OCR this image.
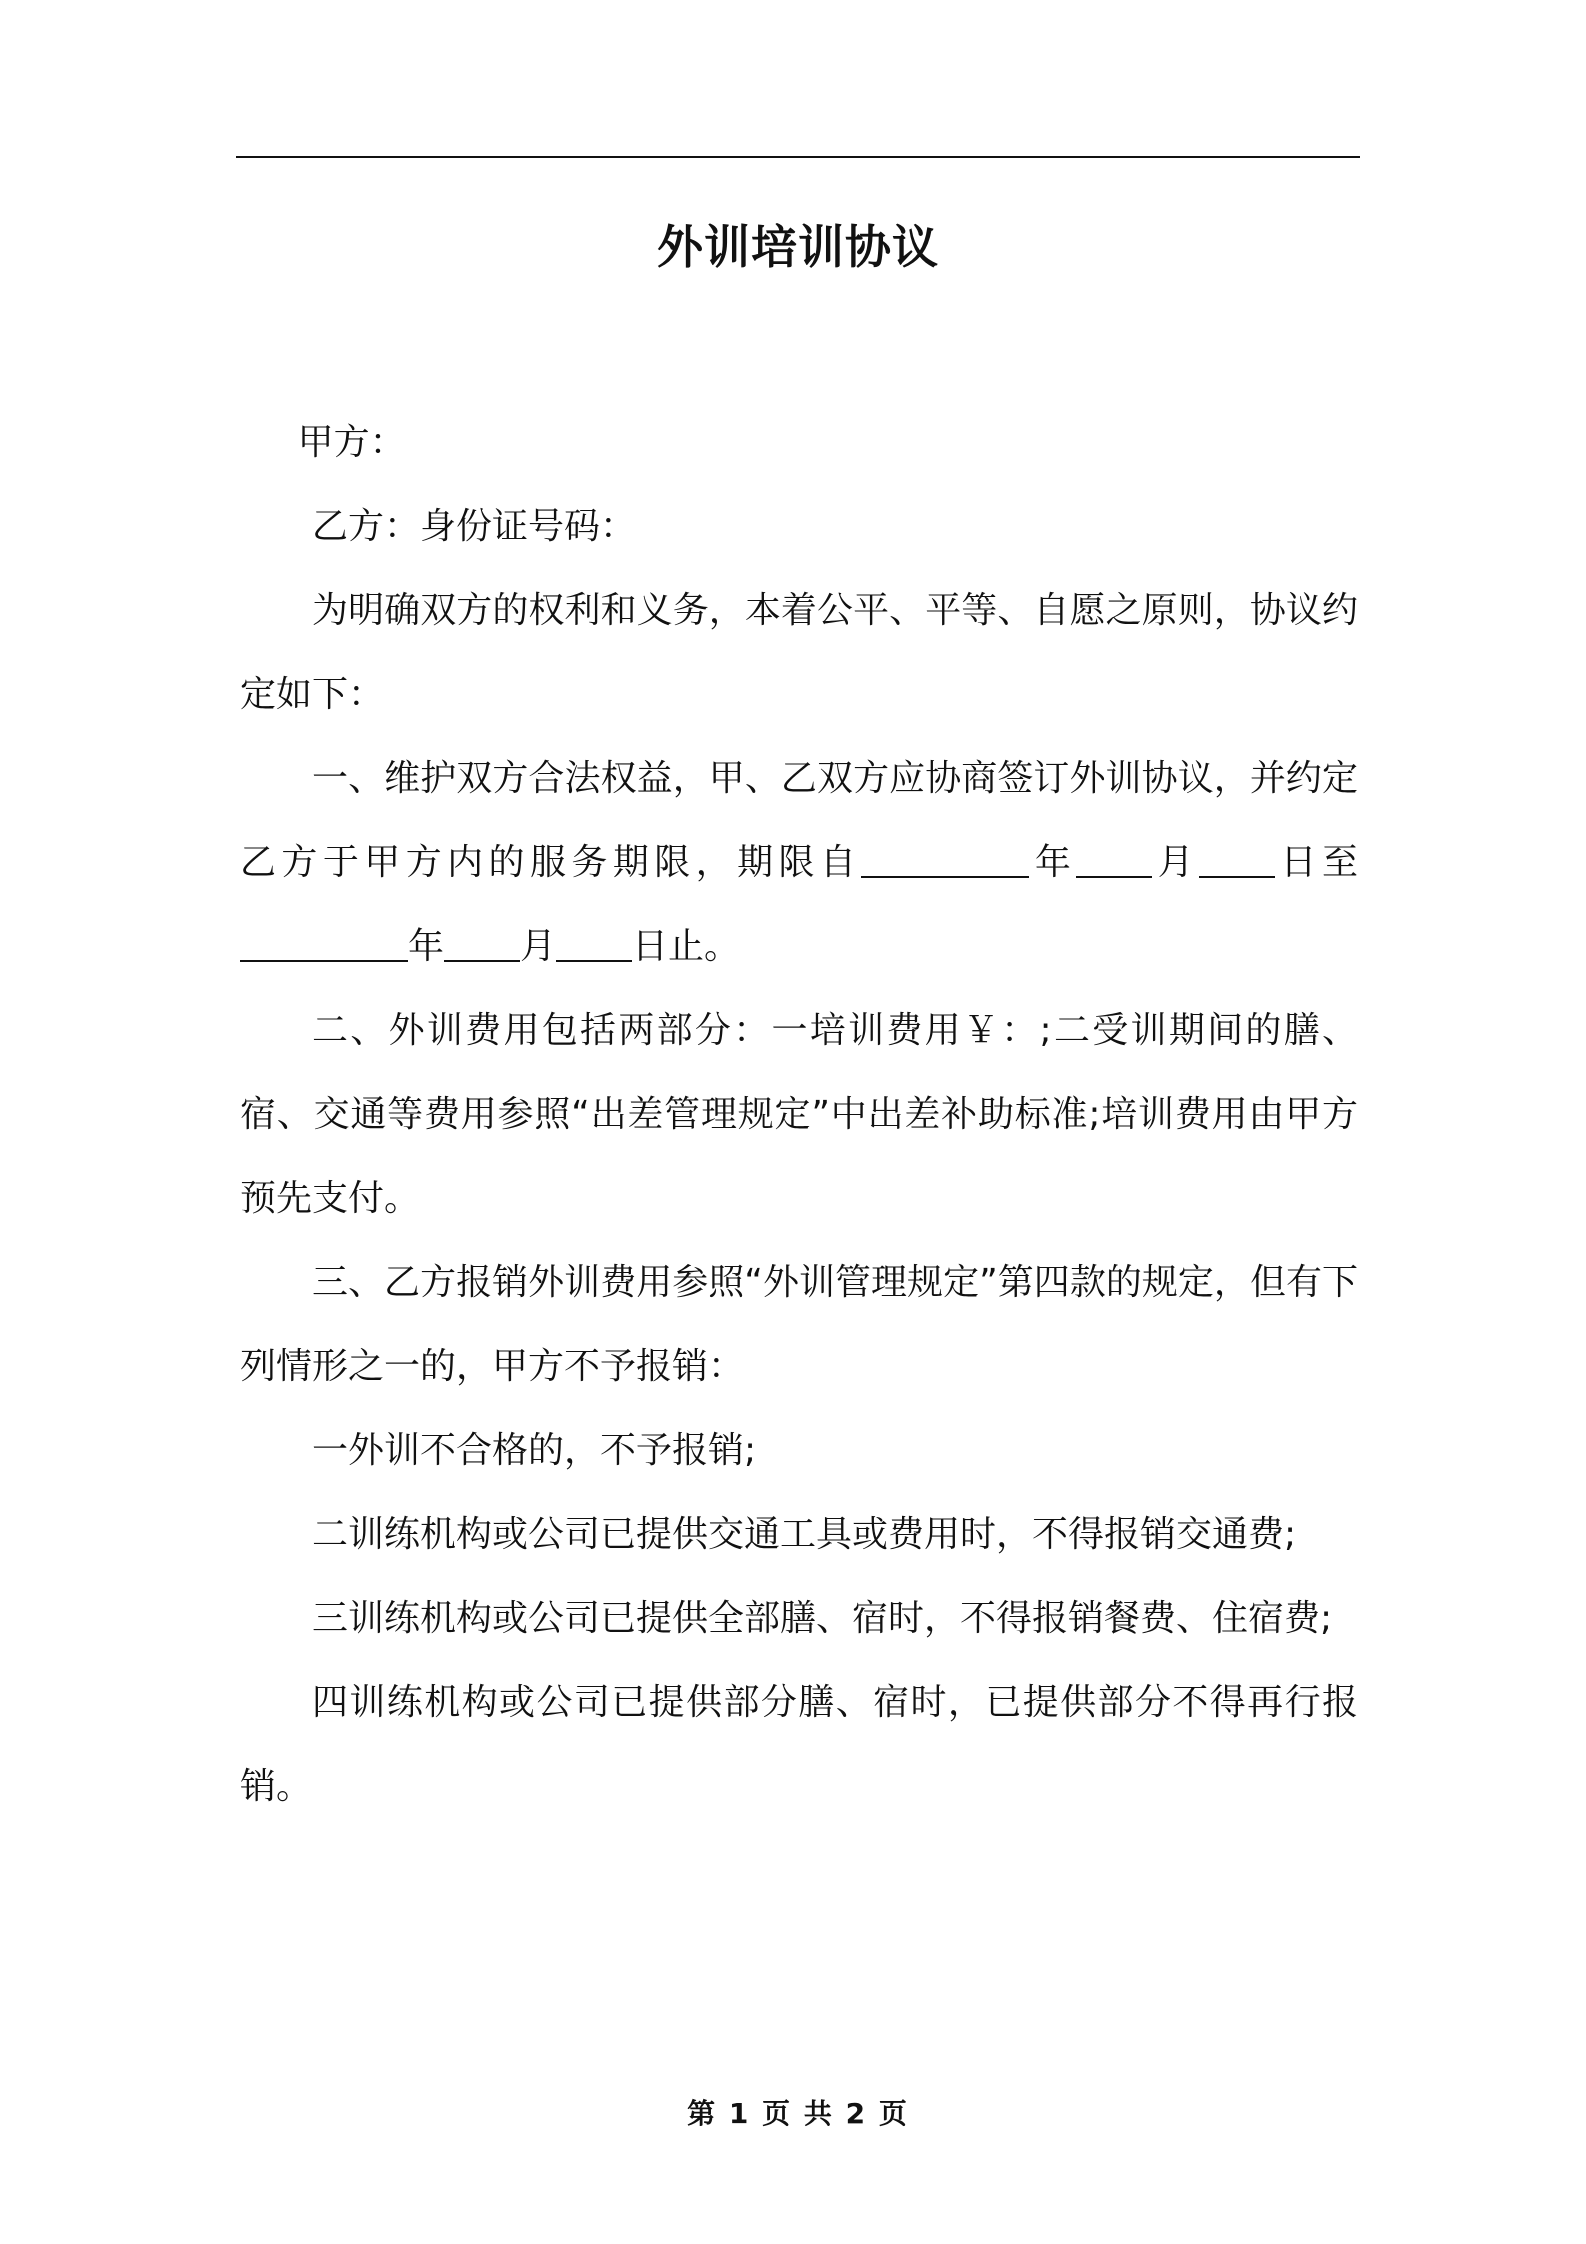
外训培训协议

甲方：

乙方：身份证号码：

为明确双方的权利和义务，本着公平、平等、自愿之原则，协议约定如下：

一、维护双方合法权益，甲、乙双方应协商签订外训协议，并约定乙方于甲方内的服务期限，期限自	年 月 日至年 月 日止。

二、外训费用包括两部分：一培训费用￥：;二受训期间的膳、宿、交通等费用参照“出差管理规定”中出差补助标准;培训费用由甲方预先支付。

三、乙方报销外训费用参照“外训管理规定”第四款的规定，但有下列情形之一的，甲方不予报销：

一外训不合格的，不予报销;

二训练机构或公司已提供交通工具或费用时，不得报销交通费;

三训练机构或公司已提供全部膳、宿时，不得报销餐费、住宿费;

四训练机构或公司已提供部分膳、宿时，已提供部分不得再行报销。

第 1 页 共 2 页
